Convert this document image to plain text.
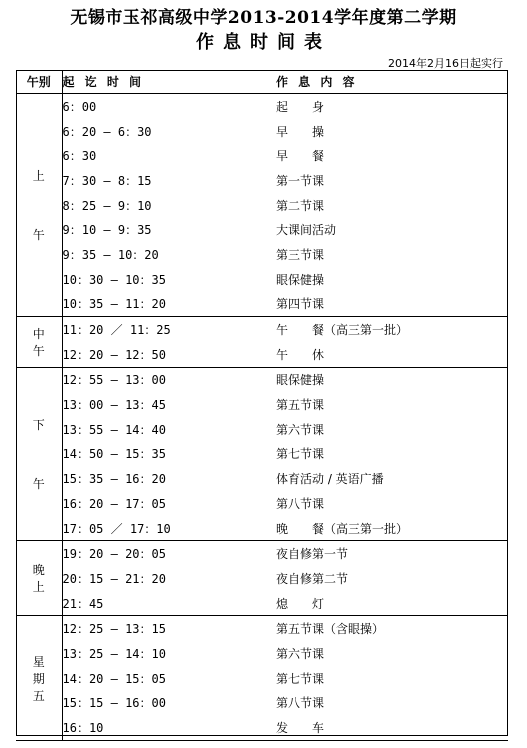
无锡市玉祁高级中学2013-2014学年度第二学期
作息时间表
2014年2月16日起实行
午别	起 讫 时 间	作 息 内 容
上

午	6：00	起　　身
	6：20 — 6：30	早　　操
	6：30	早　　餐
	7：30 — 8：15	第一节课
	8：25 — 9：10	第二节课
	9：10 — 9：35	大课间活动
	9：35 — 10：20	第三节课
	10：30 — 10：35	眼保健操
	10：35 — 11：20	第四节课
中
午	11：20 ／ 11：25	午　　餐（高三第一批）
	12：20 — 12：50	午　　休
下

午	12：55 — 13：00	眼保健操
	13：00 — 13：45	第五节课
	13：55 — 14：40	第六节课
	14：50 — 15：35	第七节课
	15：35 — 16：20	体育活动 / 英语广播
	16：20 — 17：05	第八节课
	17：05 ／ 17：10	晚　　餐（高三第一批）
晚
上	19：20 — 20：05	夜自修第一节
	20：15 — 21：20	夜自修第二节
	21：45	熄　　灯
星
期
五	12：25 — 13：15	第五节课（含眼操）
	13：25 — 14：10	第六节课
	14：20 — 15：05	第七节课
	15：15 — 16：00	第八节课
	16：10	发　　车
